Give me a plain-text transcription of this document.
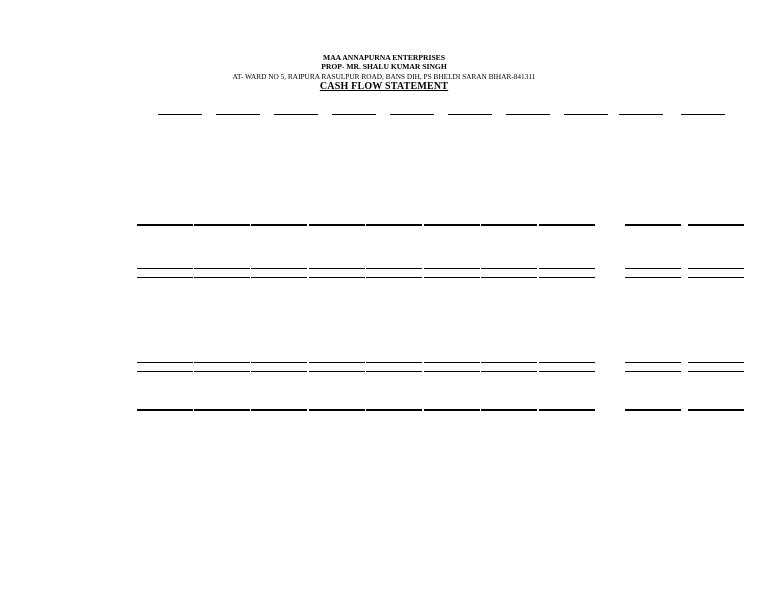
MAA ANNAPURNA ENTERPRISES
PROP- MR. SHALU KUMAR SINGH
AT- WARD NO 5, RAIPURA RASULPUR ROAD, BANS DIH, PS BHELDI SARAN BIHAR-841311
CASH FLOW STATEMENT
